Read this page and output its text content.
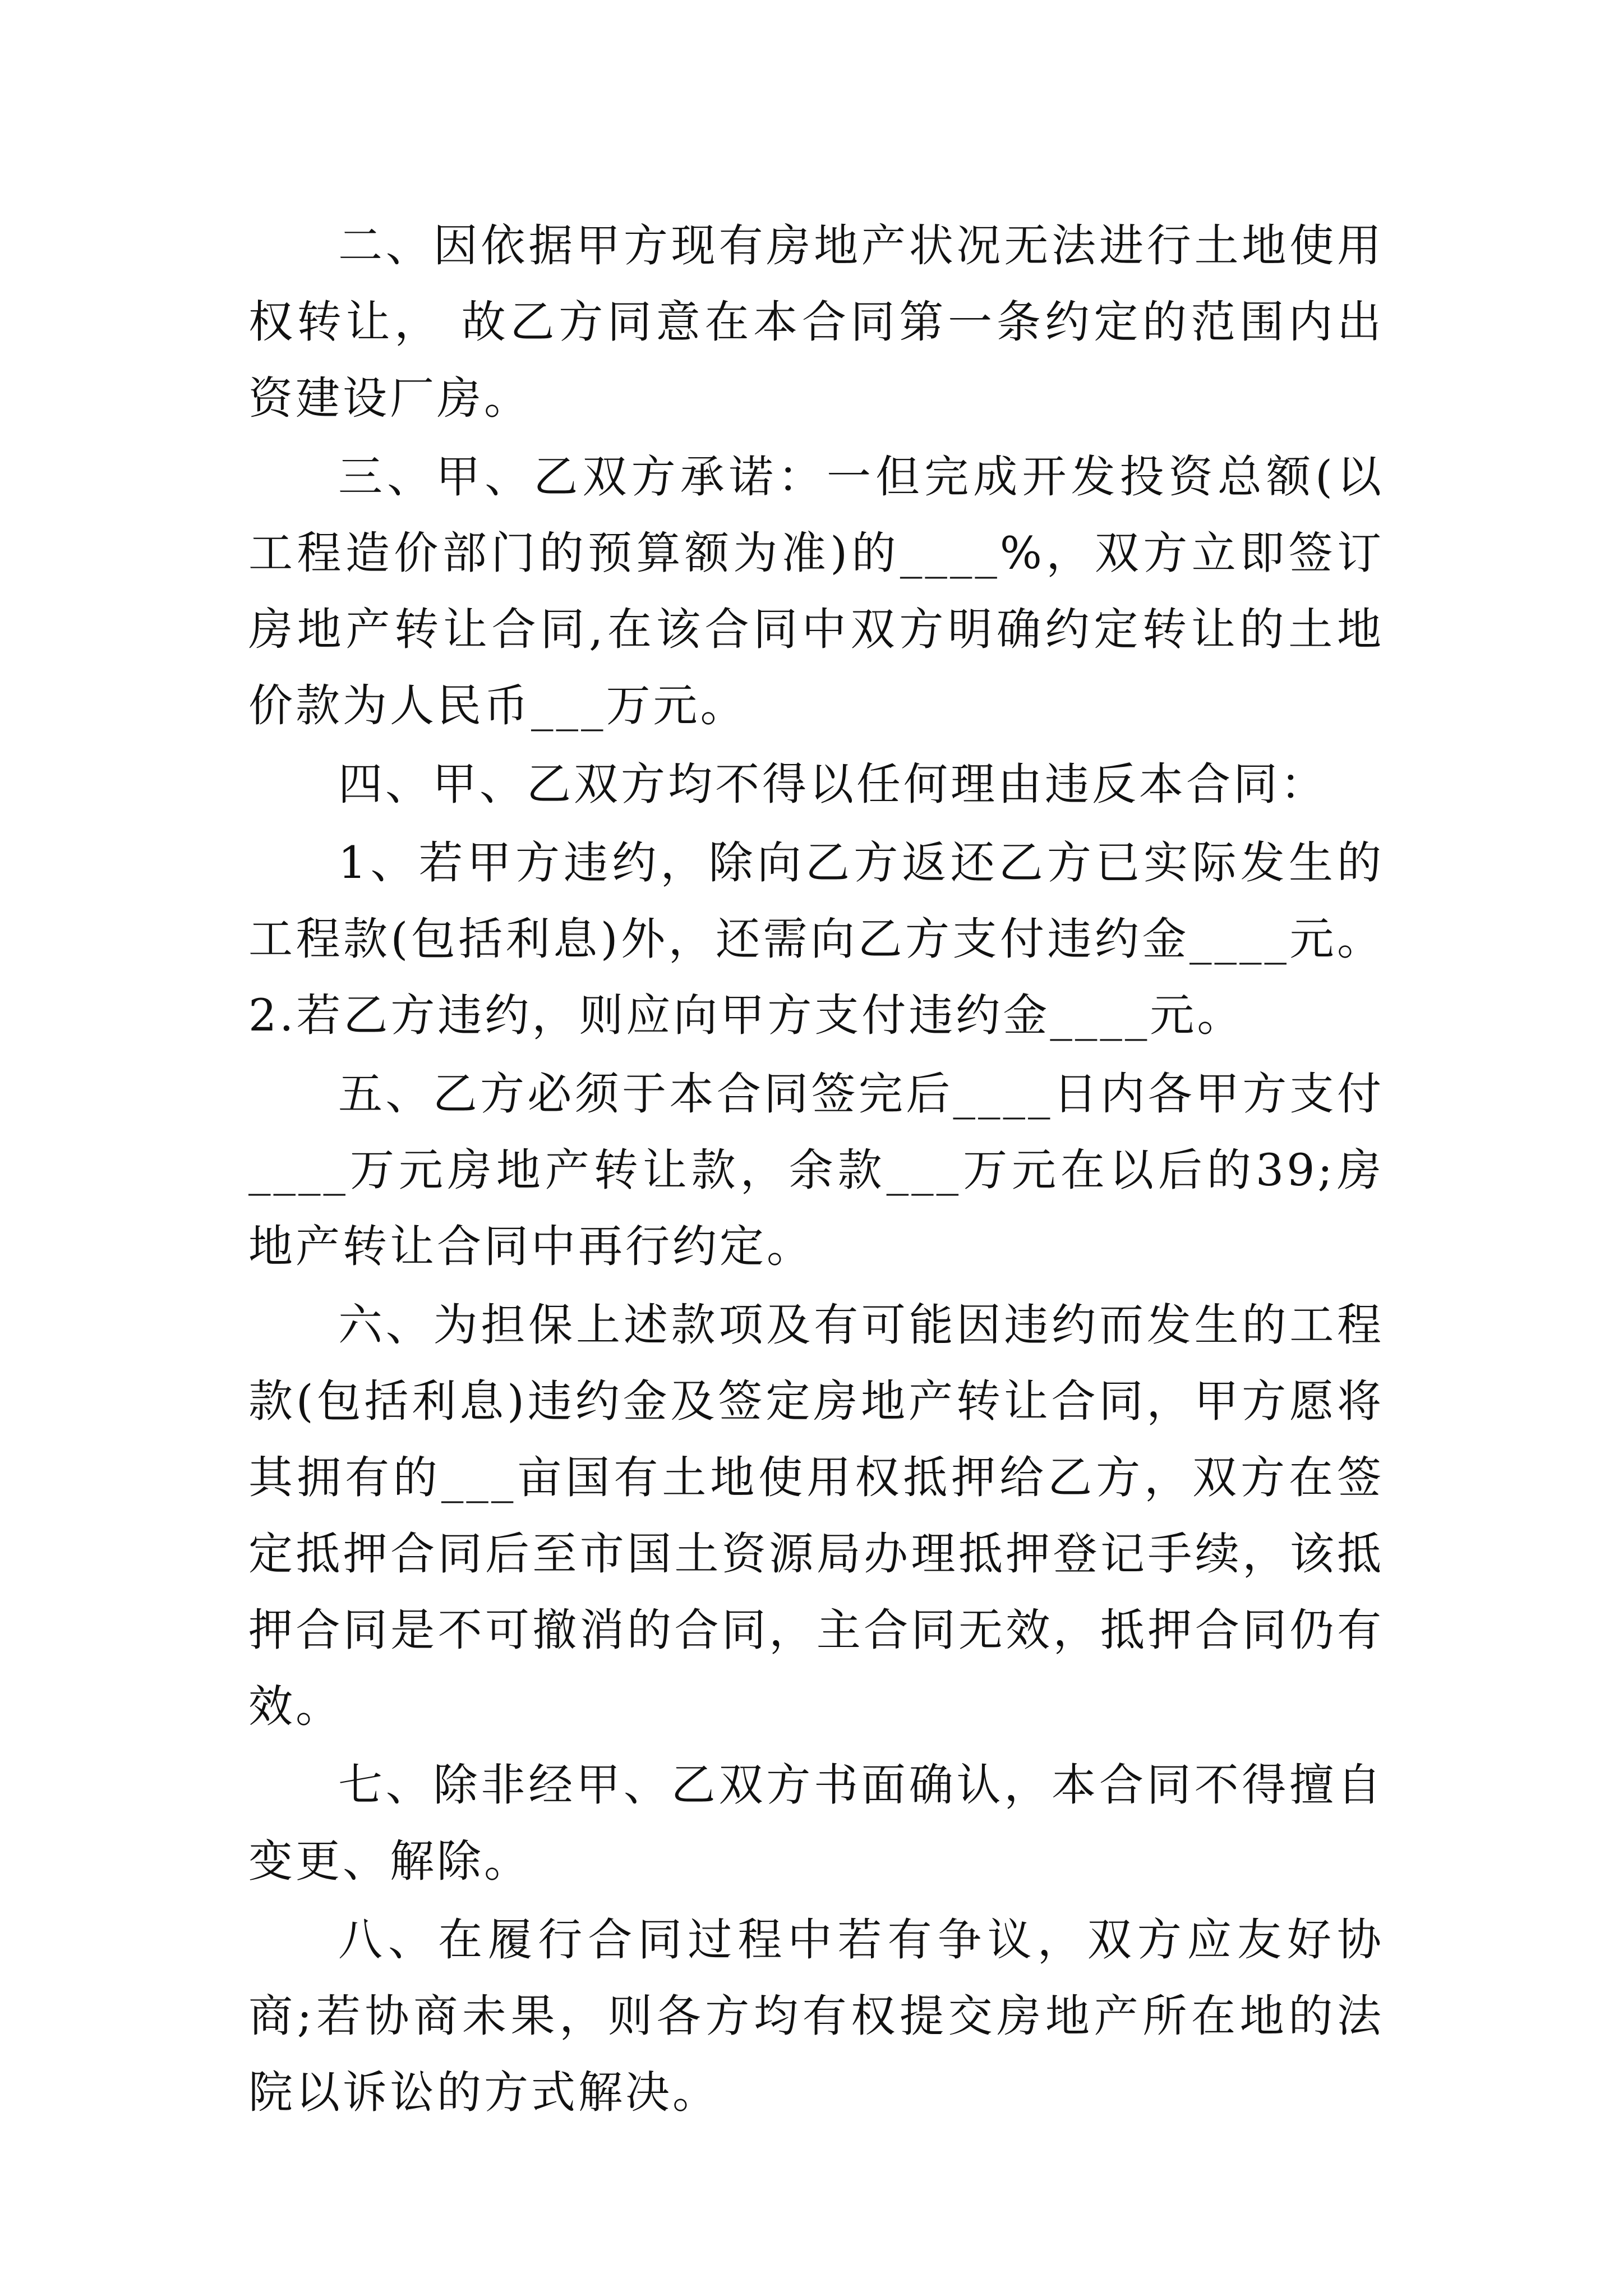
二、因依据甲方现有房地产状况无法进行土地使用权转让， 故乙方同意在本合同第一条约定的范围内出资建设厂房。

三、甲、乙双方承诺：一但完成开发投资总额(以工程造价部门的预算额为准)的____%，双方立即签订房地产转让合同,在该合同中双方明确约定转让的土地价款为人民币___万元。

四、甲、乙双方均不得以任何理由违反本合同：

1、若甲方违约，除向乙方返还乙方已实际发生的工程款(包括利息)外，还需向乙方支付违约金____元。2.若乙方违约，则应向甲方支付违约金____元。

五、乙方必须于本合同签完后____日内各甲方支付____万元房地产转让款，余款___万元在以后的39;房地产转让合同中再行约定。

六、为担保上述款项及有可能因违约而发生的工程款(包括利息)违约金及签定房地产转让合同，甲方愿将其拥有的___亩国有土地使用权抵押给乙方，双方在签定抵押合同后至市国土资源局办理抵押登记手续，该抵押合同是不可撤消的合同，主合同无效，抵押合同仍有效。

七、除非经甲、乙双方书面确认，本合同不得擅自变更、解除。

八、在履行合同过程中若有争议，双方应友好协商;若协商未果，则各方均有权提交房地产所在地的法院以诉讼的方式解决。
